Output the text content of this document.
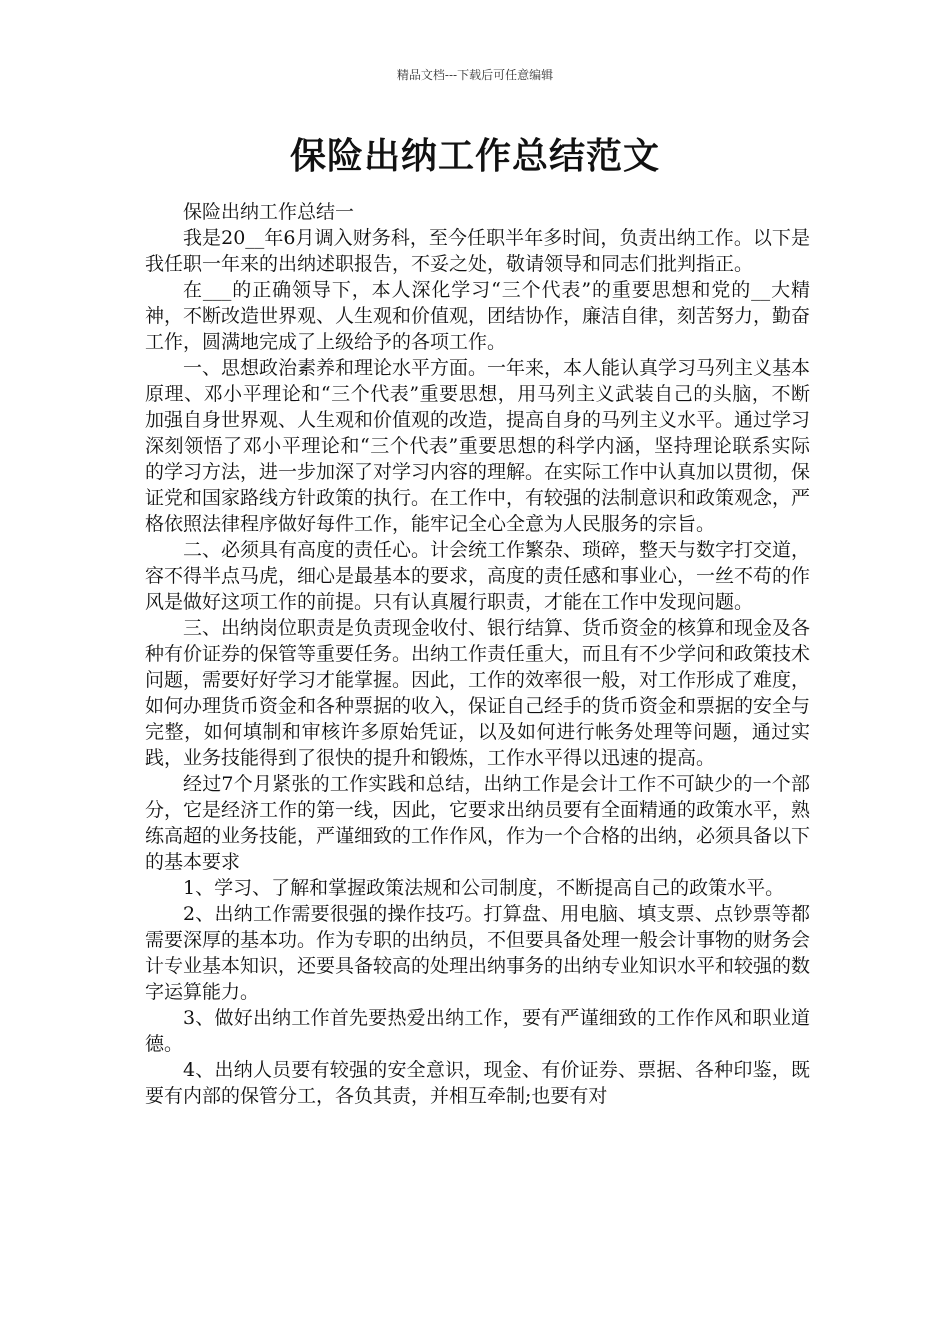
精品文档---下载后可任意编辑
保险出纳工作总结范文

保险出纳工作总结一

我是20__年6月调入财务科，至今任职半年多时间，负责出纳工作。以下是我任职一年来的出纳述职报告，不妥之处，敬请领导和同志们批判指正。

在___的正确领导下，本人深化学习“三个代表”的重要思想和党的__大精神，不断改造世界观、人生观和价值观，团结协作，廉洁自律，刻苦努力，勤奋工作，圆满地完成了上级给予的各项工作。

一、思想政治素养和理论水平方面。一年来，本人能认真学习马列主义基本原理、邓小平理论和“三个代表”重要思想，用马列主义武装自己的头脑，不断加强自身世界观、人生观和价值观的改造，提高自身的马列主义水平。通过学习深刻领悟了邓小平理论和“三个代表”重要思想的科学内涵，坚持理论联系实际的学习方法，进一步加深了对学习内容的理解。在实际工作中认真加以贯彻，保证党和国家路线方针政策的执行。在工作中，有较强的法制意识和政策观念，严格依照法律程序做好每件工作，能牢记全心全意为人民服务的宗旨。

二、必须具有高度的责任心。计会统工作繁杂、琐碎，整天与数字打交道，容不得半点马虎，细心是最基本的要求，高度的责任感和事业心，一丝不苟的作风是做好这项工作的前提。只有认真履行职责，才能在工作中发现问题。

三、出纳岗位职责是负责现金收付、银行结算、货币资金的核算和现金及各种有价证券的保管等重要任务。出纳工作责任重大，而且有不少学问和政策技术问题，需要好好学习才能掌握。因此，工作的效率很一般，对工作形成了难度，如何办理货币资金和各种票据的收入，保证自己经手的货币资金和票据的安全与完整，如何填制和审核许多原始凭证，以及如何进行帐务处理等问题，通过实践，业务技能得到了很快的提升和锻炼，工作水平得以迅速的提高。

经过7个月紧张的工作实践和总结，出纳工作是会计工作不可缺少的一个部分，它是经济工作的第一线，因此，它要求出纳员要有全面精通的政策水平，熟练高超的业务技能，严谨细致的工作作风，作为一个合格的出纳，必须具备以下的基本要求

1、学习、了解和掌握政策法规和公司制度，不断提高自己的政策水平。

2、出纳工作需要很强的操作技巧。打算盘、用电脑、填支票、点钞票等都需要深厚的基本功。作为专职的出纳员，不但要具备处理一般会计事物的财务会计专业基本知识，还要具备较高的处理出纳事务的出纳专业知识水平和较强的数字运算能力。

3、做好出纳工作首先要热爱出纳工作，要有严谨细致的工作作风和职业道德。

4、出纳人员要有较强的安全意识，现金、有价证券、票据、各种印鉴，既要有内部的保管分工，各负其责，并相互牵制;也要有对
